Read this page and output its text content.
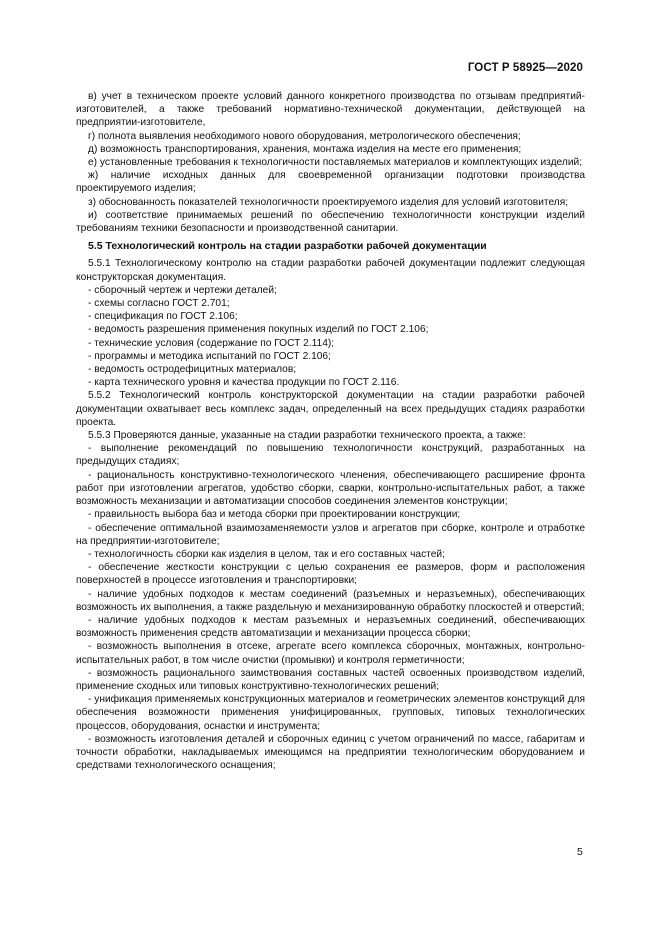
ГОСТ Р 58925—2020

в) учет в техническом проекте условий данного конкретного производства по отзывам предприятий-изготовителей, а также требований нормативно-технической документации, действующей на предприятии-изготовителе,

г) полнота выявления необходимого нового оборудования, метрологического обеспечения;

д) возможность транспортирования, хранения, монтажа изделия на месте его применения;

е) установленные требования к технологичности поставляемых материалов и комплектующих изделий;

ж) наличие исходных данных для своевременной организации подготовки производства проектируемого изделия;

з) обоснованность показателей технологичности проектируемого изделия для условий изготовителя;

и) соответствие принимаемых решений по обеспечению технологичности конструкции изделий требованиям техники безопасности и производственной санитарии.

5.5 Технологический контроль на стадии разработки рабочей документации

5.5.1 Технологическому контролю на стадии разработки рабочей документации подлежит следующая конструкторская документация.

- сборочный чертеж и чертежи деталей;

- схемы согласно ГОСТ 2.701;

- спецификация по ГОСТ 2.106;

- ведомость разрешения применения покупных изделий по ГОСТ 2.106;

- технические условия (содержание по ГОСТ 2.114);

- программы и методика испытаний по ГОСТ 2.106;

- ведомость остродефицитных материалов;

- карта технического уровня и качества продукции по ГОСТ 2.116.

5.5.2 Технологический контроль конструкторской документации на стадии разработки рабочей документации охватывает весь комплекс задач, определенный на всех предыдущих стадиях разработки проекта.

5.5.3 Проверяются данные, указанные на стадии разработки технического проекта, а также:

- выполнение рекомендаций по повышению технологичности конструкций, разработанных на предыдущих стадиях;

- рациональность конструктивно-технологического членения, обеспечивающего расширение фронта работ при изготовлении агрегатов, удобство сборки, сварки, контрольно-испытательных работ, а также возможность механизации и автоматизации способов соединения элементов конструкции;

- правильность выбора баз и метода сборки при проектировании конструкции;

- обеспечение оптимальной взаимозаменяемости узлов и агрегатов при сборке, контроле и отработке на предприятии-изготовителе;

- технологичность сборки как изделия в целом, так и его составных частей;

- обеспечение жесткости конструкции с целью сохранения ее размеров, форм и расположения поверхностей в процессе изготовления и транспортировки;

- наличие удобных подходов к местам соединений (разъемных и неразъемных), обеспечивающих возможность их выполнения, а также раздельную и механизированную обработку плоскостей и отверстий;

- наличие удобных подходов к местам разъемных и неразъемных соединений, обеспечивающих возможность применения средств автоматизации и механизации процесса сборки;

- возможность выполнения в отсеке, агрегате всего комплекса сборочных, монтажных, контрольно-испытательных работ, в том числе очистки (промывки) и контроля герметичности;

- возможность рационального заимствования составных частей освоенных производством изделий, применение сходных или типовых конструктивно-технологических решений;

- унификация применяемых конструкционных материалов и геометрических элементов конструкций для обеспечения возможности применения унифицированных, групповых, типовых технологических процессов, оборудования, оснастки и инструмента;

- возможность изготовления деталей и сборочных единиц с учетом ограничений по массе, габаритам и точности обработки, накладываемых имеющимся на предприятии технологическим оборудованием и средствами технологического оснащения;

5
